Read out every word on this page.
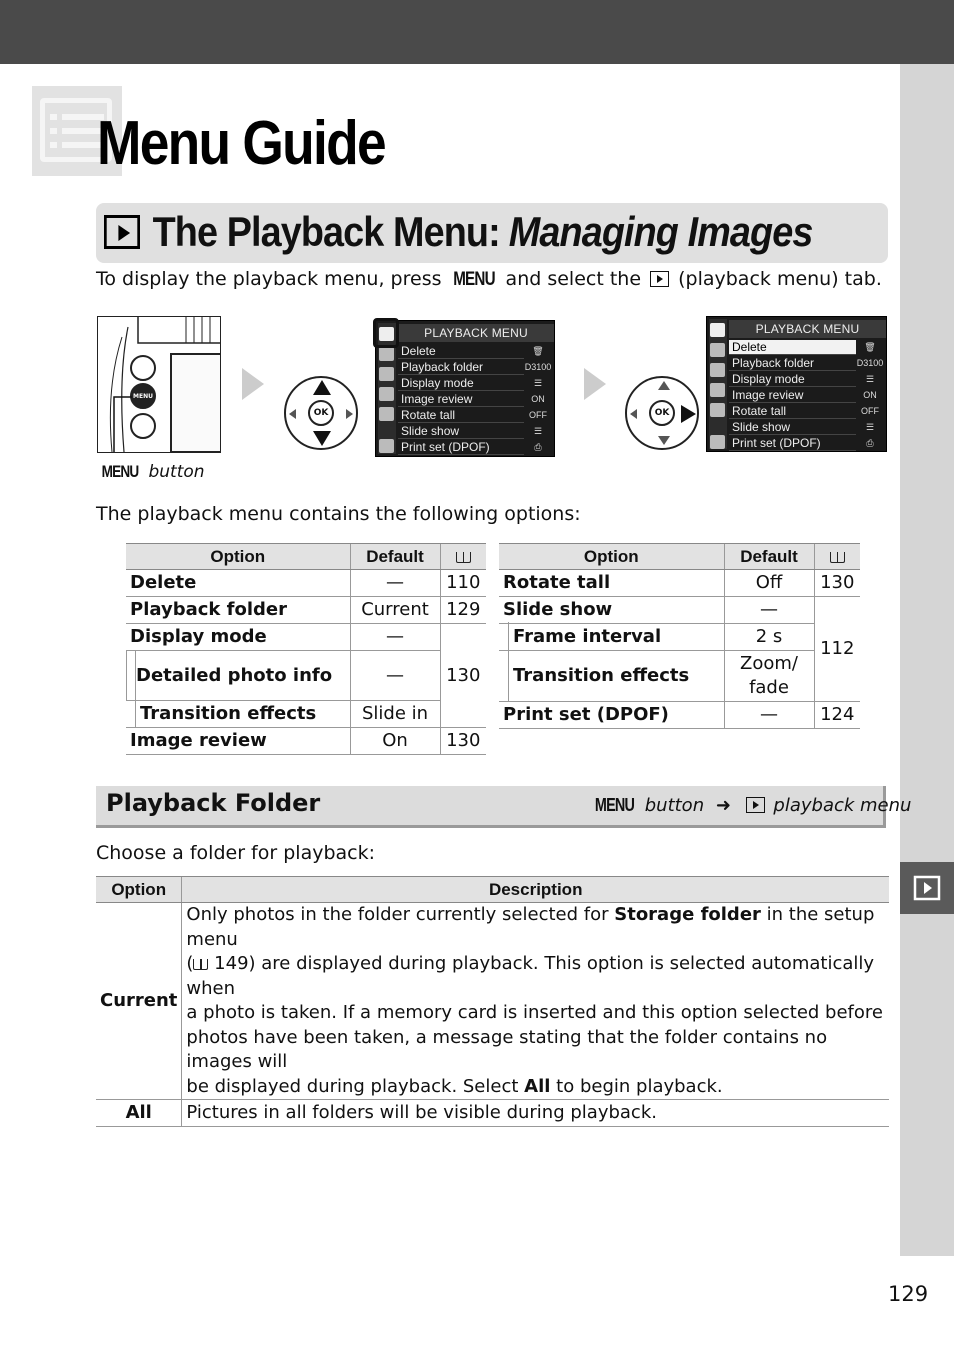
Menu Guide
The Playback Menu: Managing Images
To display the playback menu, press MENU and select the (playback menu) tab.
MENU
MENU button
OK
PLAYBACK MENU
Delete
Playback folder
Display mode
Image review
Rotate tall
Slide show
Print set (DPOF)
🗑
D3100
☰
ON
OFF
☰
⎙
OK
PLAYBACK MENU
Delete
Playback folder
Display mode
Image review
Rotate tall
Slide show
Print set (DPOF)
🗑
D3100
☰
ON
OFF
☰
⎙
The playback menu contains the following options:
Option	Default	
Delete	—	110
Playback folder	Current	129
Display mode	—	130
Detailed photo info	—	
Transition effects	Slide in	
Image review	On	130
Option	Default	
Rotate tall	Off	130
Slide show	—	112
Frame interval	2 s	
Transition effects	Zoom/
fade	
Print set (DPOF)	—	124
Playback Folder	MENU button ➜ playback menu
Choose a folder for playback:
Option	Description
Current	Only photos in the folder currently selected for Storage folder in the setup menu
( 149) are displayed during playback. This option is selected automatically when
a photo is taken. If a memory card is inserted and this option selected before
photos have been taken, a message stating that the folder contains no images will
be displayed during playback. Select All to begin playback.
All	Pictures in all folders will be visible during playback.
129
